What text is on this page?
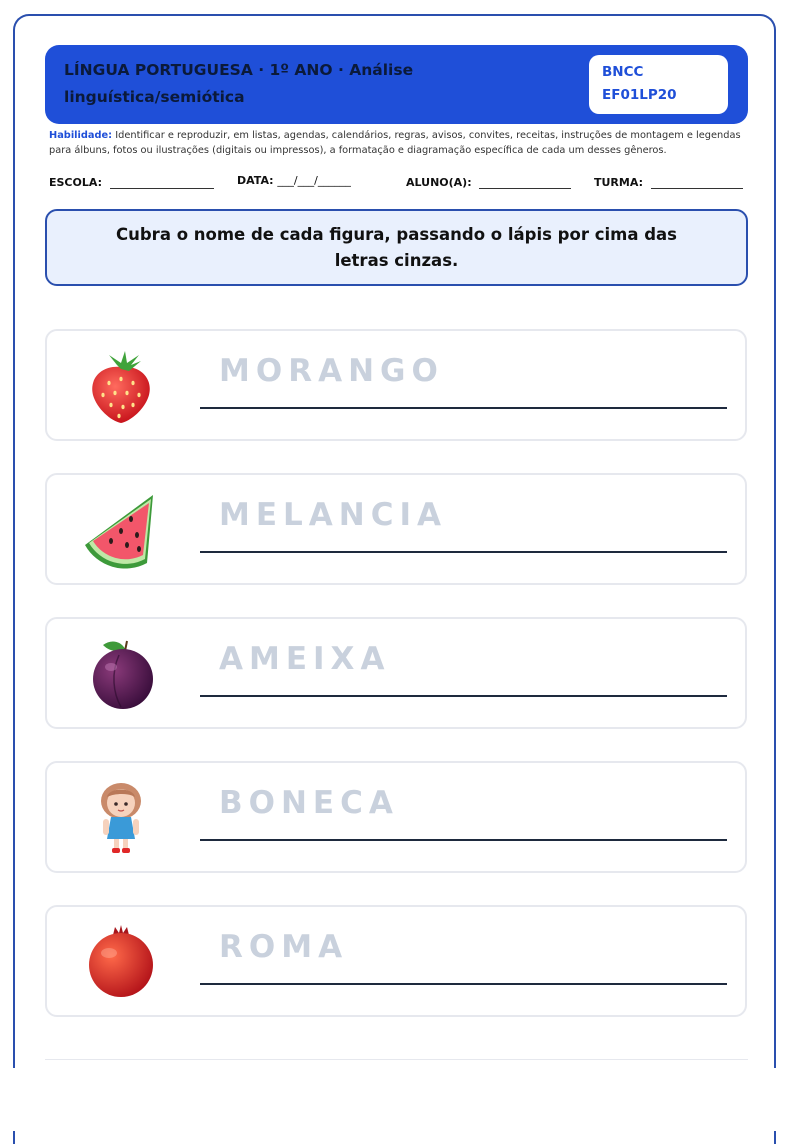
LÍNGUA PORTUGUESA · 1º ANO · Análise linguística/semiótica
BNCC
EF01LP20
Habilidade: Identificar e reproduzir, em listas, agendas, calendários, regras, avisos, convites, receitas, instruções de montagem e legendas para álbuns, fotos ou ilustrações (digitais ou impressos), a formatação e diagramação específica de cada um desses gêneros.
ESCOLA:	DATA: ___/___/______	ALUNO(A):	TURMA:
Cubra o nome de cada figura, passando o lápis por cima das letras cinzas.
MORANGO
MELANCIA
AMEIXA
BONECA
ROMA
